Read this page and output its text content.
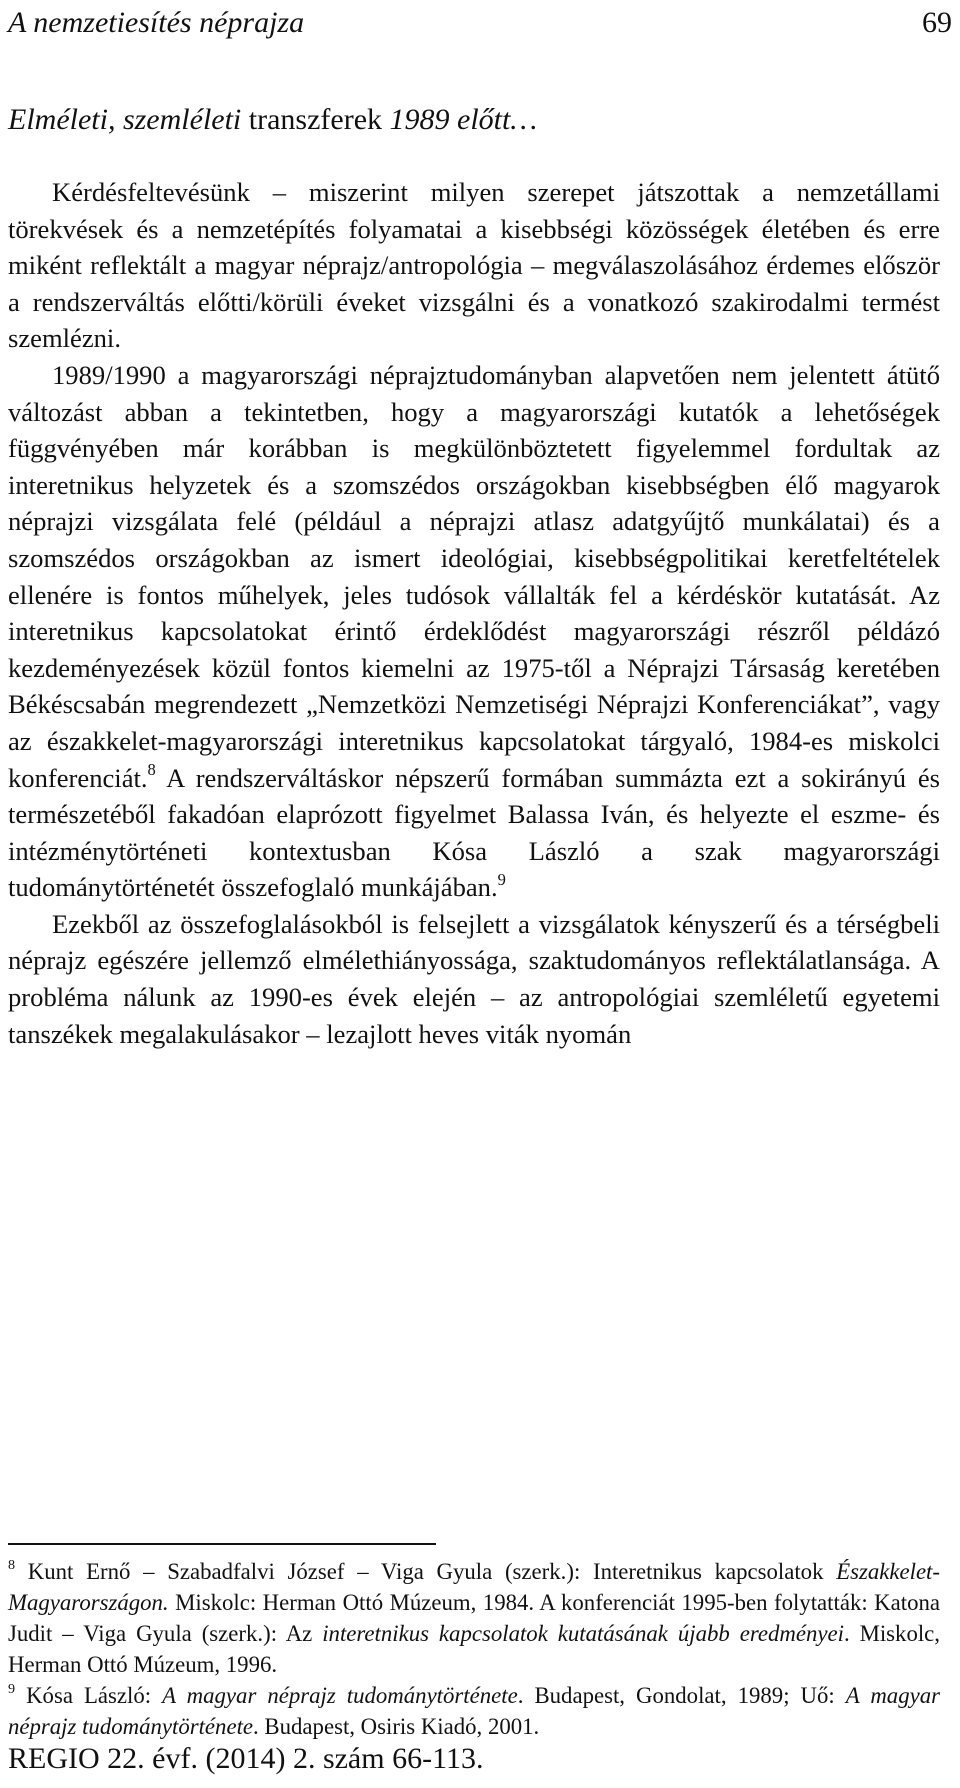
A nemzetiesítés néprajza	69
Elméleti, szemléleti transzferek 1989 előtt…

Kérdésfeltevésünk – miszerint milyen szerepet játszottak a nemzetállami törekvések és a nemzetépítés folyamatai a kisebbségi közösségek életében és erre miként reflektált a magyar néprajz/antropológia – megválaszolásához érdemes először a rendszerváltás előtti/körüli éveket vizsgálni és a vonatkozó szakirodalmi termést szemlézni.

1989/1990 a magyarországi néprajztudományban alapvetően nem jelentett átütő változást abban a tekintetben, hogy a magyarországi kutatók a lehetőségek függvényében már korábban is megkülönböztetett figyelemmel fordultak az interetnikus helyzetek és a szomszédos országokban kisebbségben élő magyarok néprajzi vizsgálata felé (például a néprajzi atlasz adatgyűjtő munkálatai) és a szomszédos országokban az ismert ideológiai, kisebbségpolitikai keretfeltételek ellenére is fontos műhelyek, jeles tudósok vállalták fel a kérdéskör kutatását. Az interetnikus kapcsolatokat érintő érdeklődést magyarországi részről példázó kezdeményezések közül fontos kiemelni az 1975-től a Néprajzi Társaság keretében Békéscsabán megrendezett „Nemzetközi Nemzetiségi Néprajzi Konferenciákat”, vagy az északkelet-magyarországi interetnikus kapcsolatokat tárgyaló, 1984-es miskolci konferenciát.$^8$ A rendszerváltáskor népszerű formában summázta ezt a sokirányú és természetéből fakadóan elaprózott figyelmet Balassa Iván, és helyezte el eszme- és intézménytörténeti kontextusban Kósa László a szak magyarországi tudománytörténetét összefoglaló munkájában.$^9$

Ezekből az összefoglalásokból is felsejlett a vizsgálatok kényszerű és a térségbeli néprajz egészére jellemző elmélethiányossága, szaktudományos reflektálatlansága. A probléma nálunk az 1990-es évek elején – az antropológiai szemléletű egyetemi tanszékek megalakulásakor – lezajlott heves viták nyomán

$^8$ Kunt Ernő – Szabadfalvi József – Viga Gyula (szerk.): Interetnikus kapcsolatok Északkelet-Magyarországon. Miskolc: Herman Ottó Múzeum, 1984. A konferenciát 1995-ben folytatták: Katona Judit – Viga Gyula (szerk.): Az interetnikus kapcsolatok kutatásának újabb eredményei. Miskolc, Herman Ottó Múzeum, 1996.

$^9$ Kósa László: A magyar néprajz tudománytörténete. Budapest, Gondolat, 1989; Uő: A magyar néprajz tudománytörténete. Budapest, Osiris Kiadó, 2001.

REGIO 22. évf. (2014) 2. szám 66-113.
